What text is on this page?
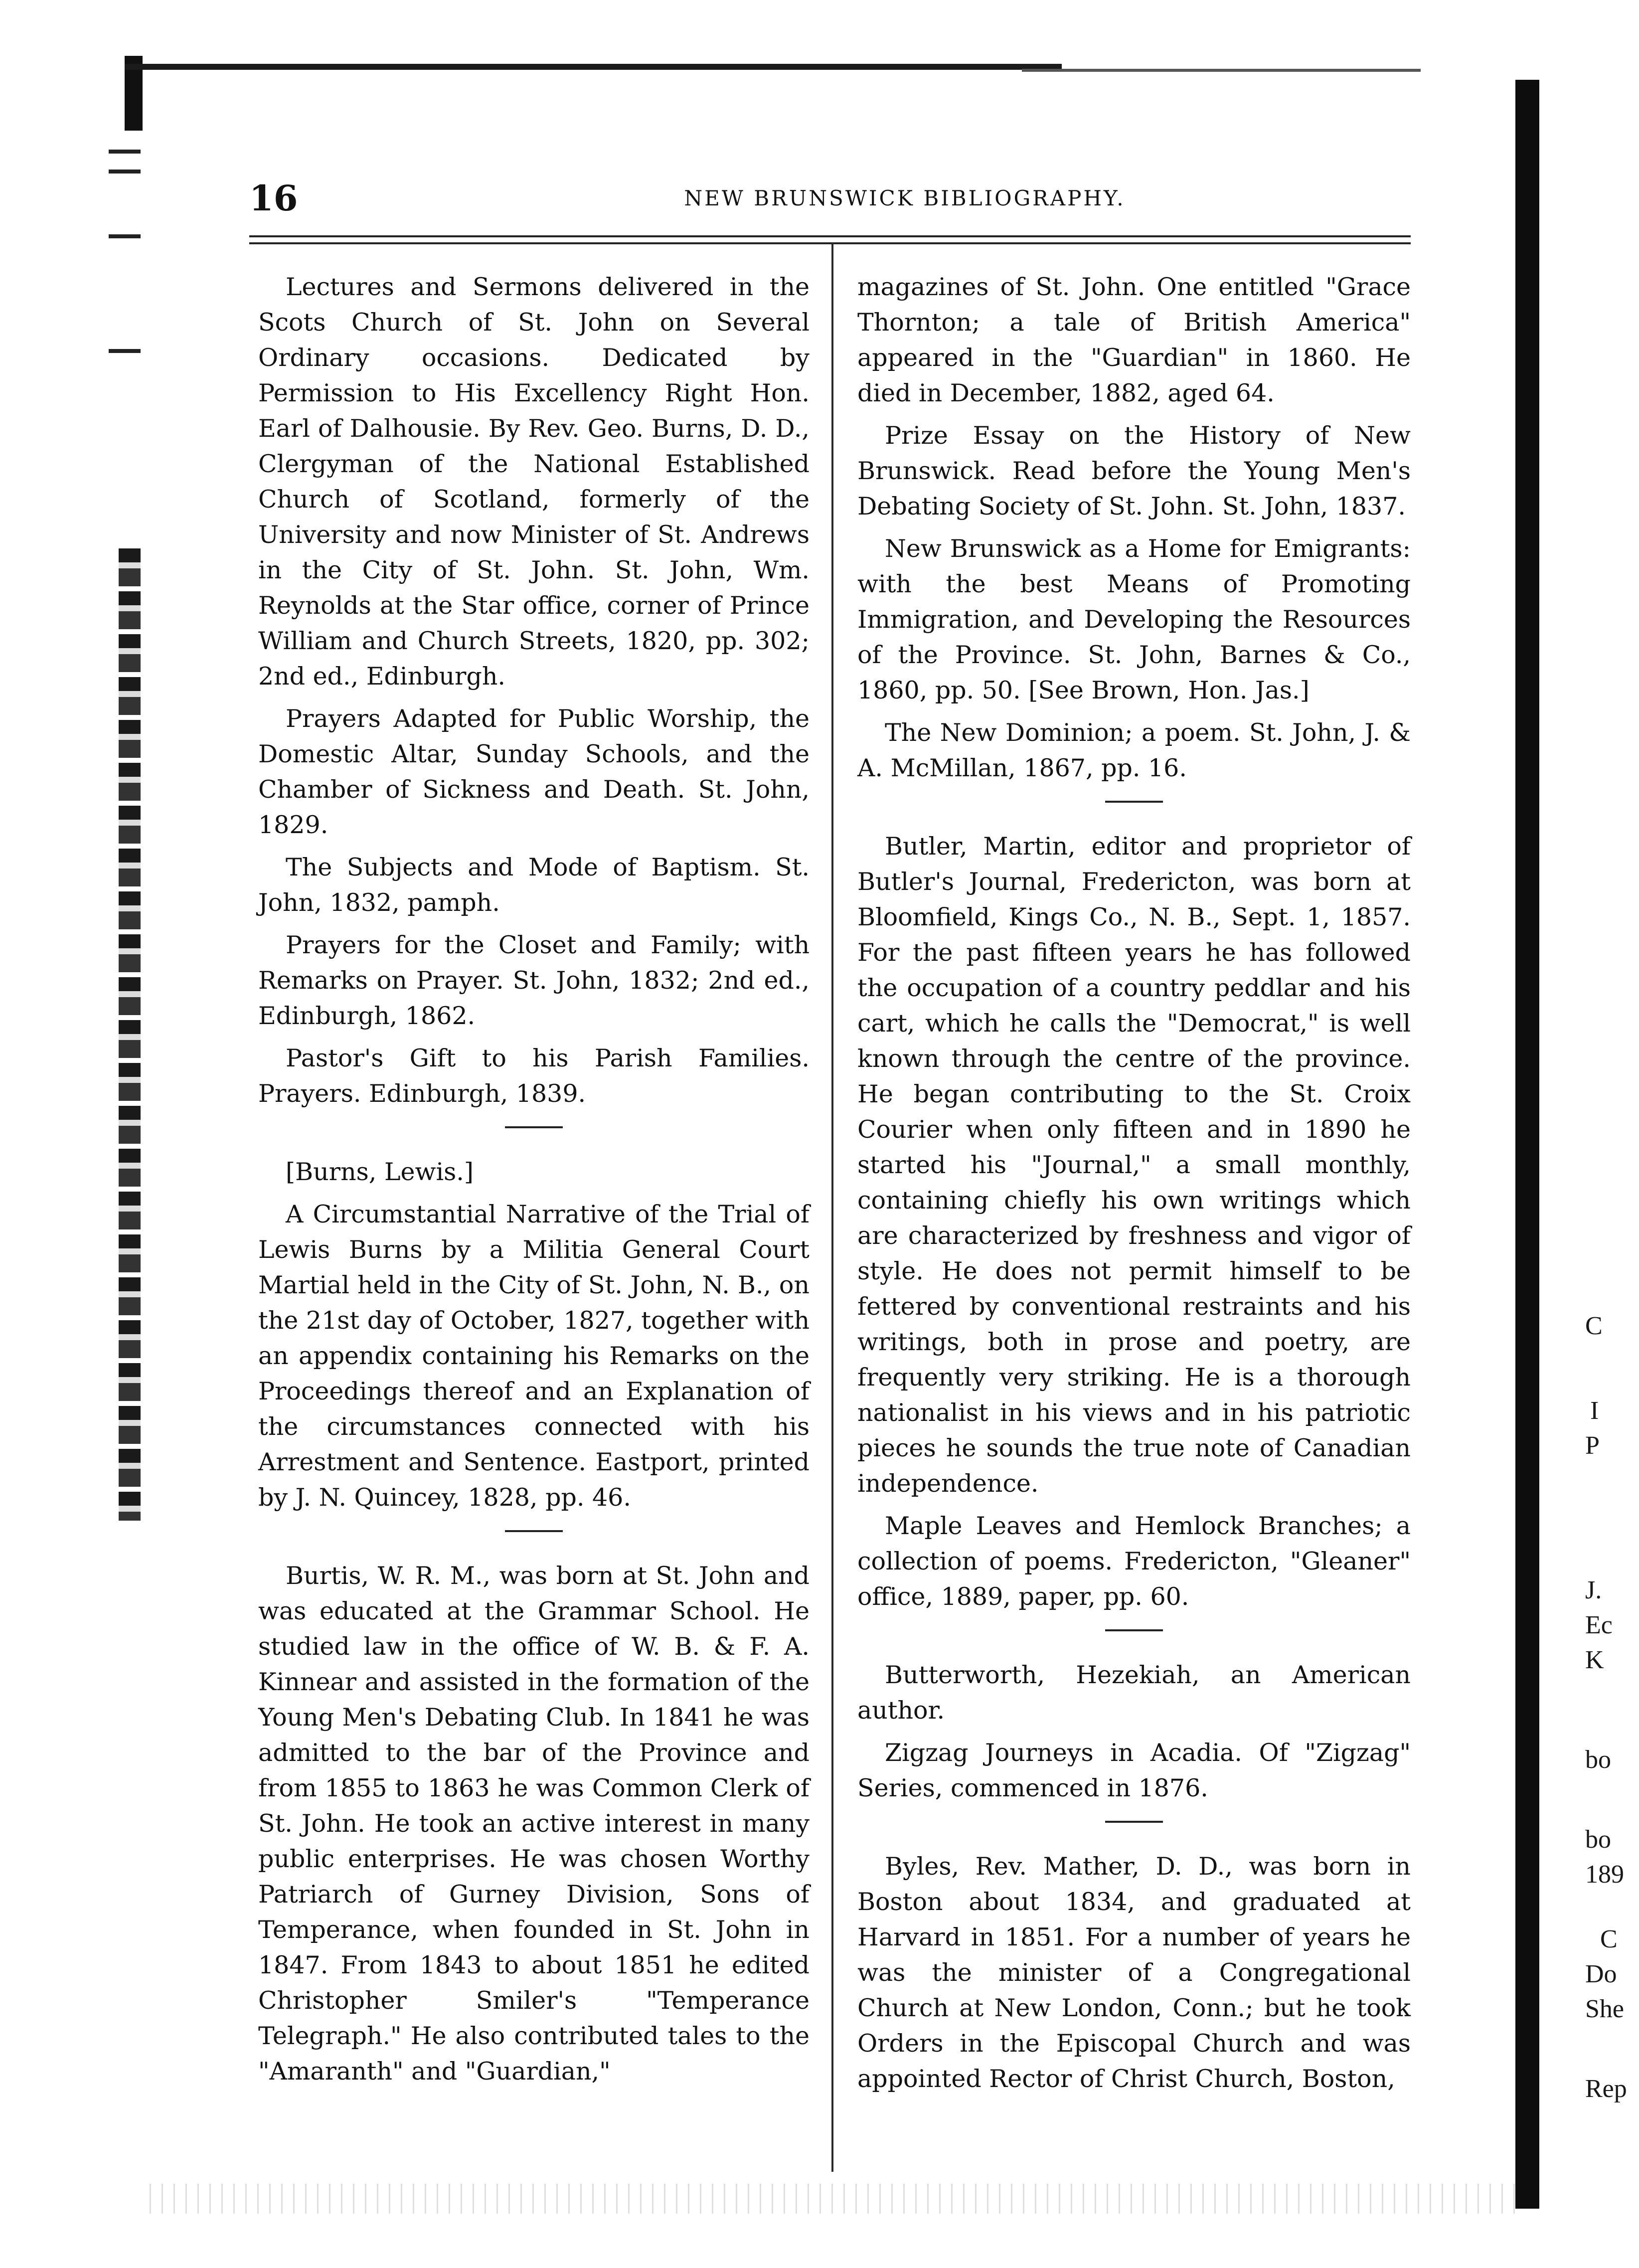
16	NEW BRUNSWICK BIBLIOGRAPHY.

Lectures and Sermons delivered in the Scots Church of St. John on Several Ordinary occasions. Dedicated by Permission to His Excellency Right Hon. Earl of Dalhousie. By Rev. Geo. Burns, D. D., Clergyman of the National Established Church of Scotland, formerly of the University and now Minister of St. Andrews in the City of St. John. St. John, Wm. Reynolds at the Star office, corner of Prince William and Church Streets, 1820, pp. 302; 2nd ed., Edinburgh.

Prayers Adapted for Public Worship, the Domestic Altar, Sunday Schools, and the Chamber of Sickness and Death. St. John, 1829.

The Subjects and Mode of Baptism. St. John, 1832, pamph.

Prayers for the Closet and Family; with Remarks on Prayer. St. John, 1832; 2nd ed., Edinburgh, 1862.

Pastor's Gift to his Parish Families. Prayers. Edinburgh, 1839.

[Burns, Lewis.]

A Circumstantial Narrative of the Trial of Lewis Burns by a Militia General Court Martial held in the City of St. John, N. B., on the 21st day of October, 1827, together with an appendix containing his Remarks on the Proceedings thereof and an Explanation of the circumstances connected with his Arrestment and Sentence. Eastport, printed by J. N. Quincey, 1828, pp. 46.

Burtis, W. R. M., was born at St. John and was educated at the Grammar School. He studied law in the office of W. B. & F. A. Kinnear and assisted in the formation of the Young Men's Debating Club. In 1841 he was admitted to the bar of the Province and from 1855 to 1863 he was Common Clerk of St. John. He took an active interest in many public enterprises. He was chosen Worthy Patriarch of Gurney Division, Sons of Temperance, when founded in St. John in 1847. From 1843 to about 1851 he edited Christopher Smiler's "Temperance Telegraph." He also contributed tales to the "Amaranth" and "Guardian,"

magazines of St. John. One entitled "Grace Thornton; a tale of British America" appeared in the "Guardian" in 1860. He died in December, 1882, aged 64.

Prize Essay on the History of New Brunswick. Read before the Young Men's Debating Society of St. John. St. John, 1837.

New Brunswick as a Home for Emigrants: with the best Means of Promoting Immigration, and Developing the Resources of the Province. St. John, Barnes & Co., 1860, pp. 50. [See Brown, Hon. Jas.]

The New Dominion; a poem. St. John, J. & A. McMillan, 1867, pp. 16.

Butler, Martin, editor and proprietor of Butler's Journal, Fredericton, was born at Bloomfield, Kings Co., N. B., Sept. 1, 1857. For the past fifteen years he has followed the occupation of a country peddlar and his cart, which he calls the "Democrat," is well known through the centre of the province. He began contributing to the St. Croix Courier when only fifteen and in 1890 he started his "Journal," a small monthly, containing chiefly his own writings which are characterized by freshness and vigor of style. He does not permit himself to be fettered by conventional restraints and his writings, both in prose and poetry, are frequently very striking. He is a thorough nationalist in his views and in his patriotic pieces he sounds the true note of Canadian independence.

Maple Leaves and Hemlock Branches; a collection of poems. Fredericton, "Gleaner" office, 1889, paper, pp. 60.

Butterworth, Hezekiah, an American author.

Zigzag Journeys in Acadia. Of "Zigzag" Series, commenced in 1876.

Byles, Rev. Mather, D. D., was born in Boston about 1834, and graduated at Harvard in 1851. For a number of years he was the minister of a Congregational Church at New London, Conn.; but he took Orders in the Episcopal Church and was appointed Rector of Christ Church, Boston,

C
I
P
J.
Ec
K
bo
bo
189
C
Do
She
Rep
